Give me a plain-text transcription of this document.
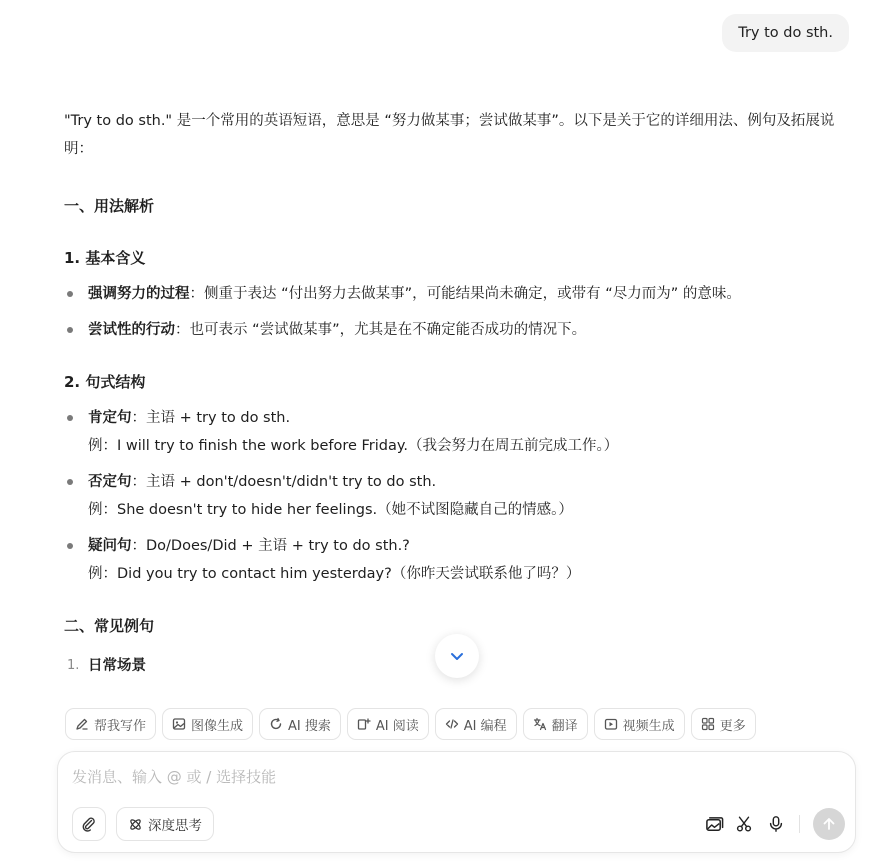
Try to do sth.

"Try to do sth." 是一个常用的英语短语，意思是 “努力做某事；尝试做某事”。以下是关于它的详细用法、例句及拓展说明：

一、用法解析

1. 基本含义

强调努力的过程：侧重于表达 “付出努力去做某事”，可能结果尚未确定，或带有 “尽力而为” 的意味。
尝试性的行动：也可表示 “尝试做某事”，尤其是在不确定能否成功的情况下。

2. 句式结构

肯定句：主语 + try to do sth.
例：I will try to finish the work before Friday.（我会努力在周五前完成工作。）
否定句：主语 + don't/doesn't/didn't try to do sth.
例：She doesn't try to hide her feelings.（她不试图隐藏自己的情感。）
疑问句：Do/Does/Did + 主语 + try to do sth.?
例：Did you try to contact him yesterday?（你昨天尝试联系他了吗？）

二、常见例句

1. 日常场景
帮我写作	图像生成	AI 搜索	AI 阅读	AI 编程	翻译	视频生成	更多
发消息、输入 @ 或 / 选择技能
深度思考
